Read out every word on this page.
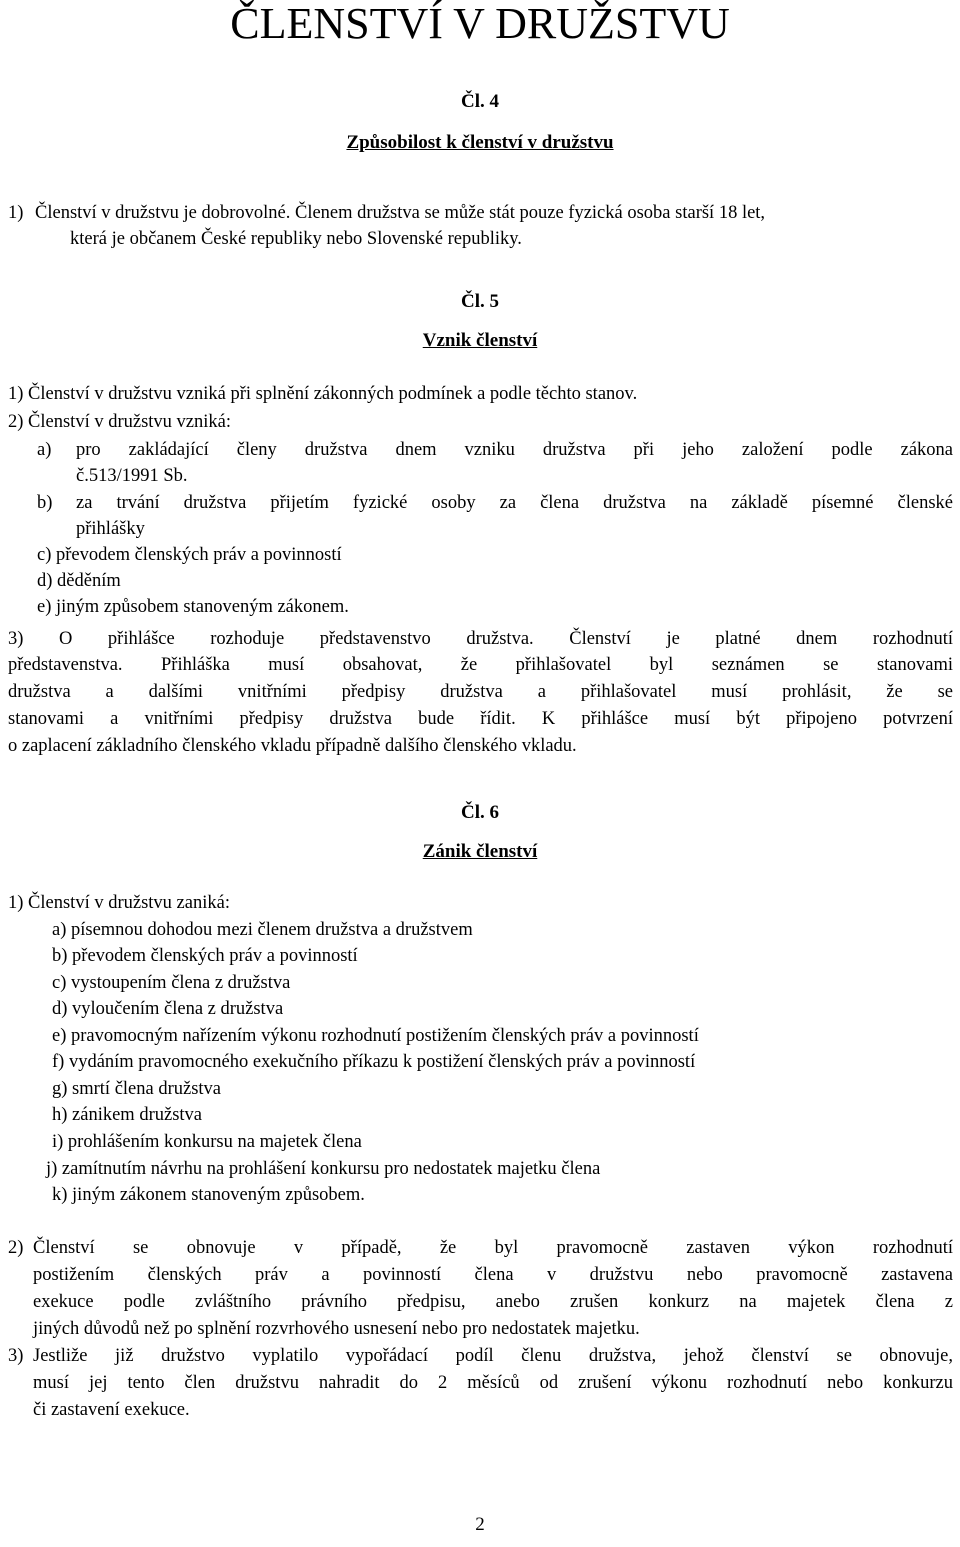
ČLENSTVÍ V DRUŽSTVU
Čl. 4
Způsobilost k členství v družstvu
1) Členství v družstvu je dobrovolné. Členem družstva se může stát pouze fyzická osoba starší 18 let,
která je občanem České republiky nebo Slovenské republiky.
Čl. 5
Vznik členství
1) Členství v družstvu vzniká při splnění zákonných podmínek a podle těchto stanov.
2) Členství v družstvu vzniká:
a) pro zakládající členy družstva dnem vzniku družstva při jeho založení podle zákona
č.513/1991 Sb.
b) za trvání družstva přijetím fyzické osoby za člena družstva na základě písemné členské
přihlášky
c) převodem členských práv a povinností
d) děděním
e) jiným způsobem stanoveným zákonem.
3) O přihlášce rozhoduje představenstvo družstva. Členství je platné dnem rozhodnutí
představenstva. Přihláška musí obsahovat, že přihlašovatel byl seznámen se stanovami
družstva a dalšími vnitřními předpisy družstva a přihlašovatel musí prohlásit, že se
stanovami a vnitřními předpisy družstva bude řídit. K přihlášce musí být připojeno potvrzení
o zaplacení základního členského vkladu případně dalšího členského vkladu.
Čl. 6
Zánik členství
1) Členství v družstvu zaniká:
a) písemnou dohodou mezi členem družstva a družstvem
b) převodem členských práv a povinností
c) vystoupením člena z družstva
d) vyloučením člena z družstva
e) pravomocným nařízením výkonu rozhodnutí postižením členských práv a povinností
f) vydáním pravomocného exekučního příkazu k postižení členských práv a povinností
g) smrtí člena družstva
h) zánikem družstva
i) prohlášením konkursu na majetek člena
j) zamítnutím návrhu na prohlášení konkursu pro nedostatek majetku člena
k) jiným zákonem stanoveným způsobem.
2) Členství se obnovuje v případě, že byl pravomocně zastaven výkon rozhodnutí
postižením členských práv a povinností člena v družstvu nebo pravomocně zastavena
exekuce podle zvláštního právního předpisu, anebo zrušen konkurz na majetek člena z
jiných důvodů než po splnění rozvrhového usnesení nebo pro nedostatek majetku.
3) Jestliže již družstvo vyplatilo vypořádací podíl členu družstva, jehož členství se obnovuje,
musí jej tento člen družstvu nahradit do 2 měsíců od zrušení výkonu rozhodnutí nebo konkurzu
či zastavení exekuce.
2
